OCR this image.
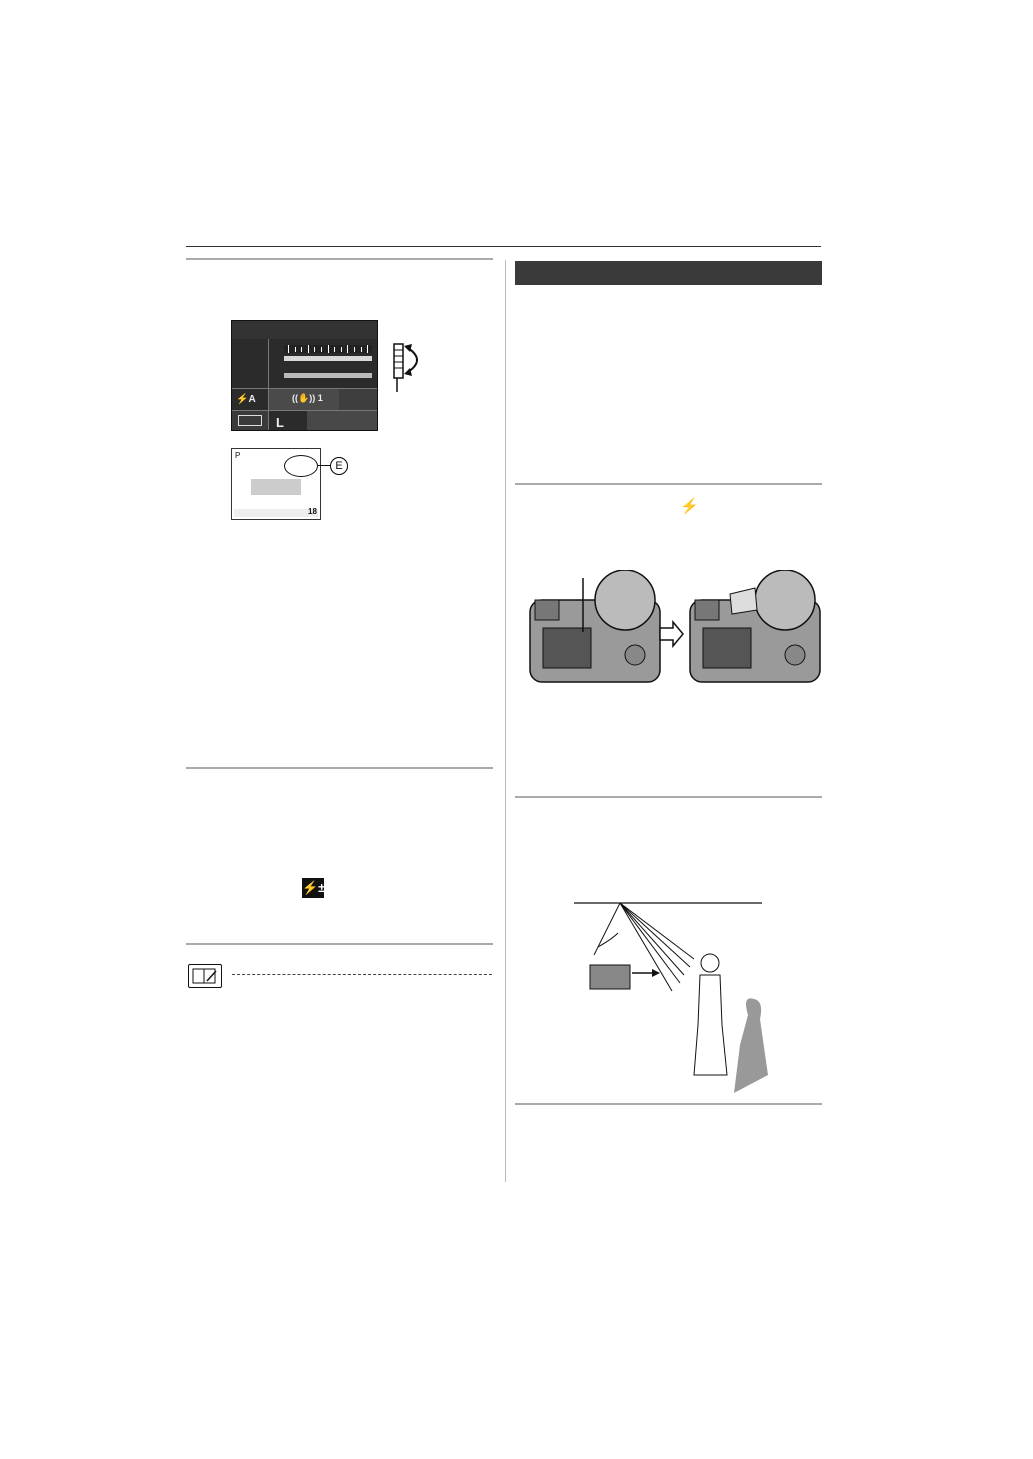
⚡A
L
((✋)) 1
P
18
E
⚡
⚡±
